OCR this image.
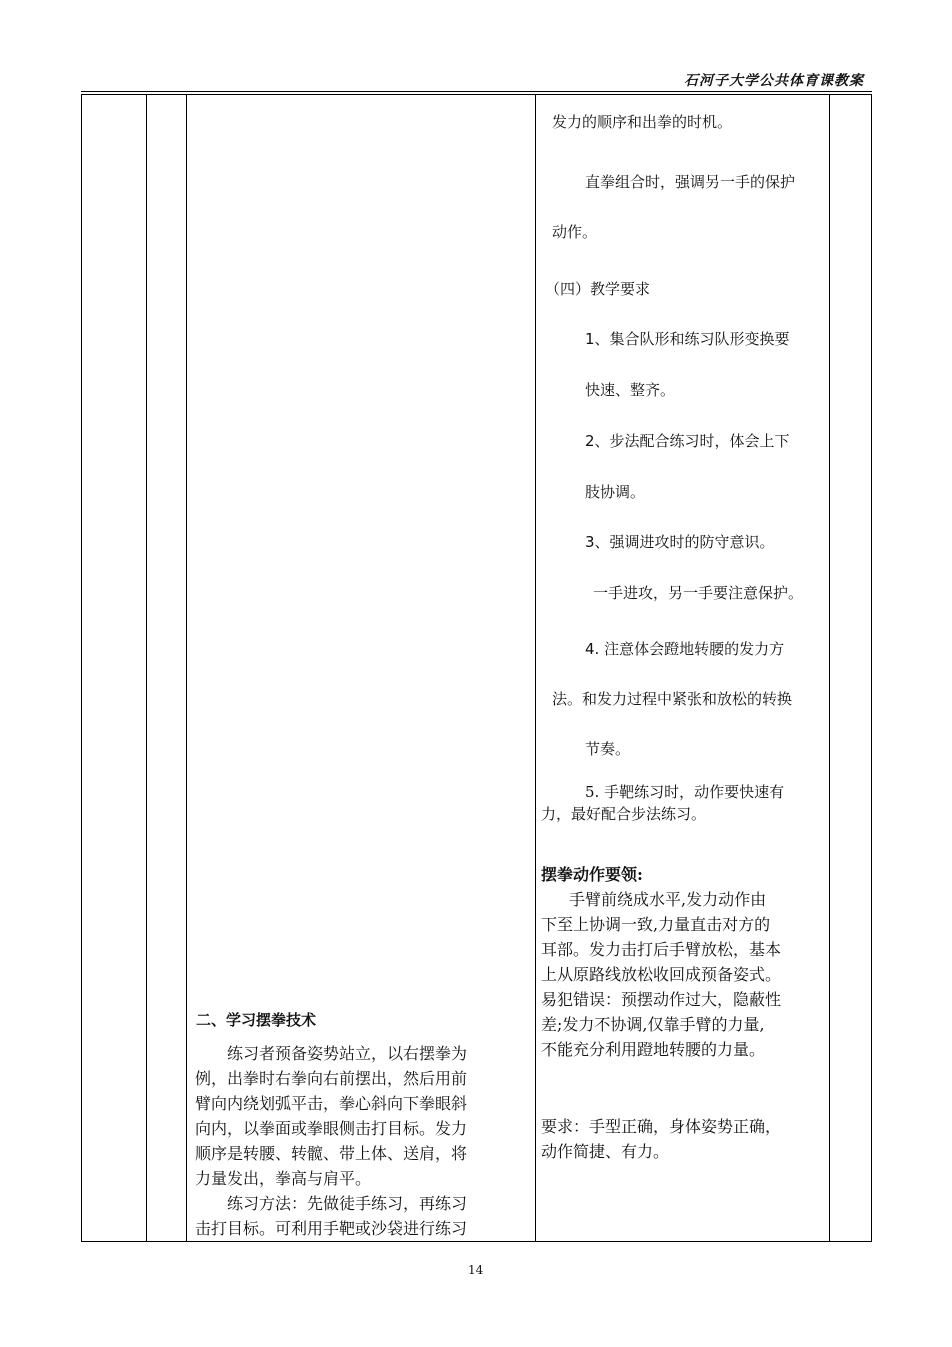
石河子大学公共体育课教案

发力的顺序和出拳的时机。

直拳组合时，强调另一手的保护

动作。

（四）教学要求

1、集合队形和练习队形变换要

快速、整齐。

2、步法配合练习时，体会上下

肢协调。

3、强调进攻时的防守意识。

一手进攻，另一手要注意保护。

4. 注意体会蹬地转腰的发力方

法。和发力过程中紧张和放松的转换

节奏。

5. 手靶练习时，动作要快速有
力，最好配合步法练习。
摆拳动作要领:
手臂前绕成水平,发力动作由
下至上协调一致,力量直击对方的
耳部。发力击打后手臂放松，基本
上从原路线放松收回成预备姿式。
易犯错误：预摆动作过大，隐蔽性
差;发力不协调,仅靠手臂的力量,
不能充分利用蹬地转腰的力量。
要求：手型正确，身体姿势正确，
动作简捷、有力。
二、学习摆拳技术
练习者预备姿势站立，以右摆拳为
例，出拳时右拳向右前摆出，然后用前
臂向内绕划弧平击，拳心斜向下拳眼斜
向内，以拳面或拳眼侧击打目标。发力
顺序是转腰、转髋、带上体、送肩，将
力量发出，拳高与肩平。
练习方法：先做徒手练习，再练习
击打目标。可利用手靶或沙袋进行练习
14
